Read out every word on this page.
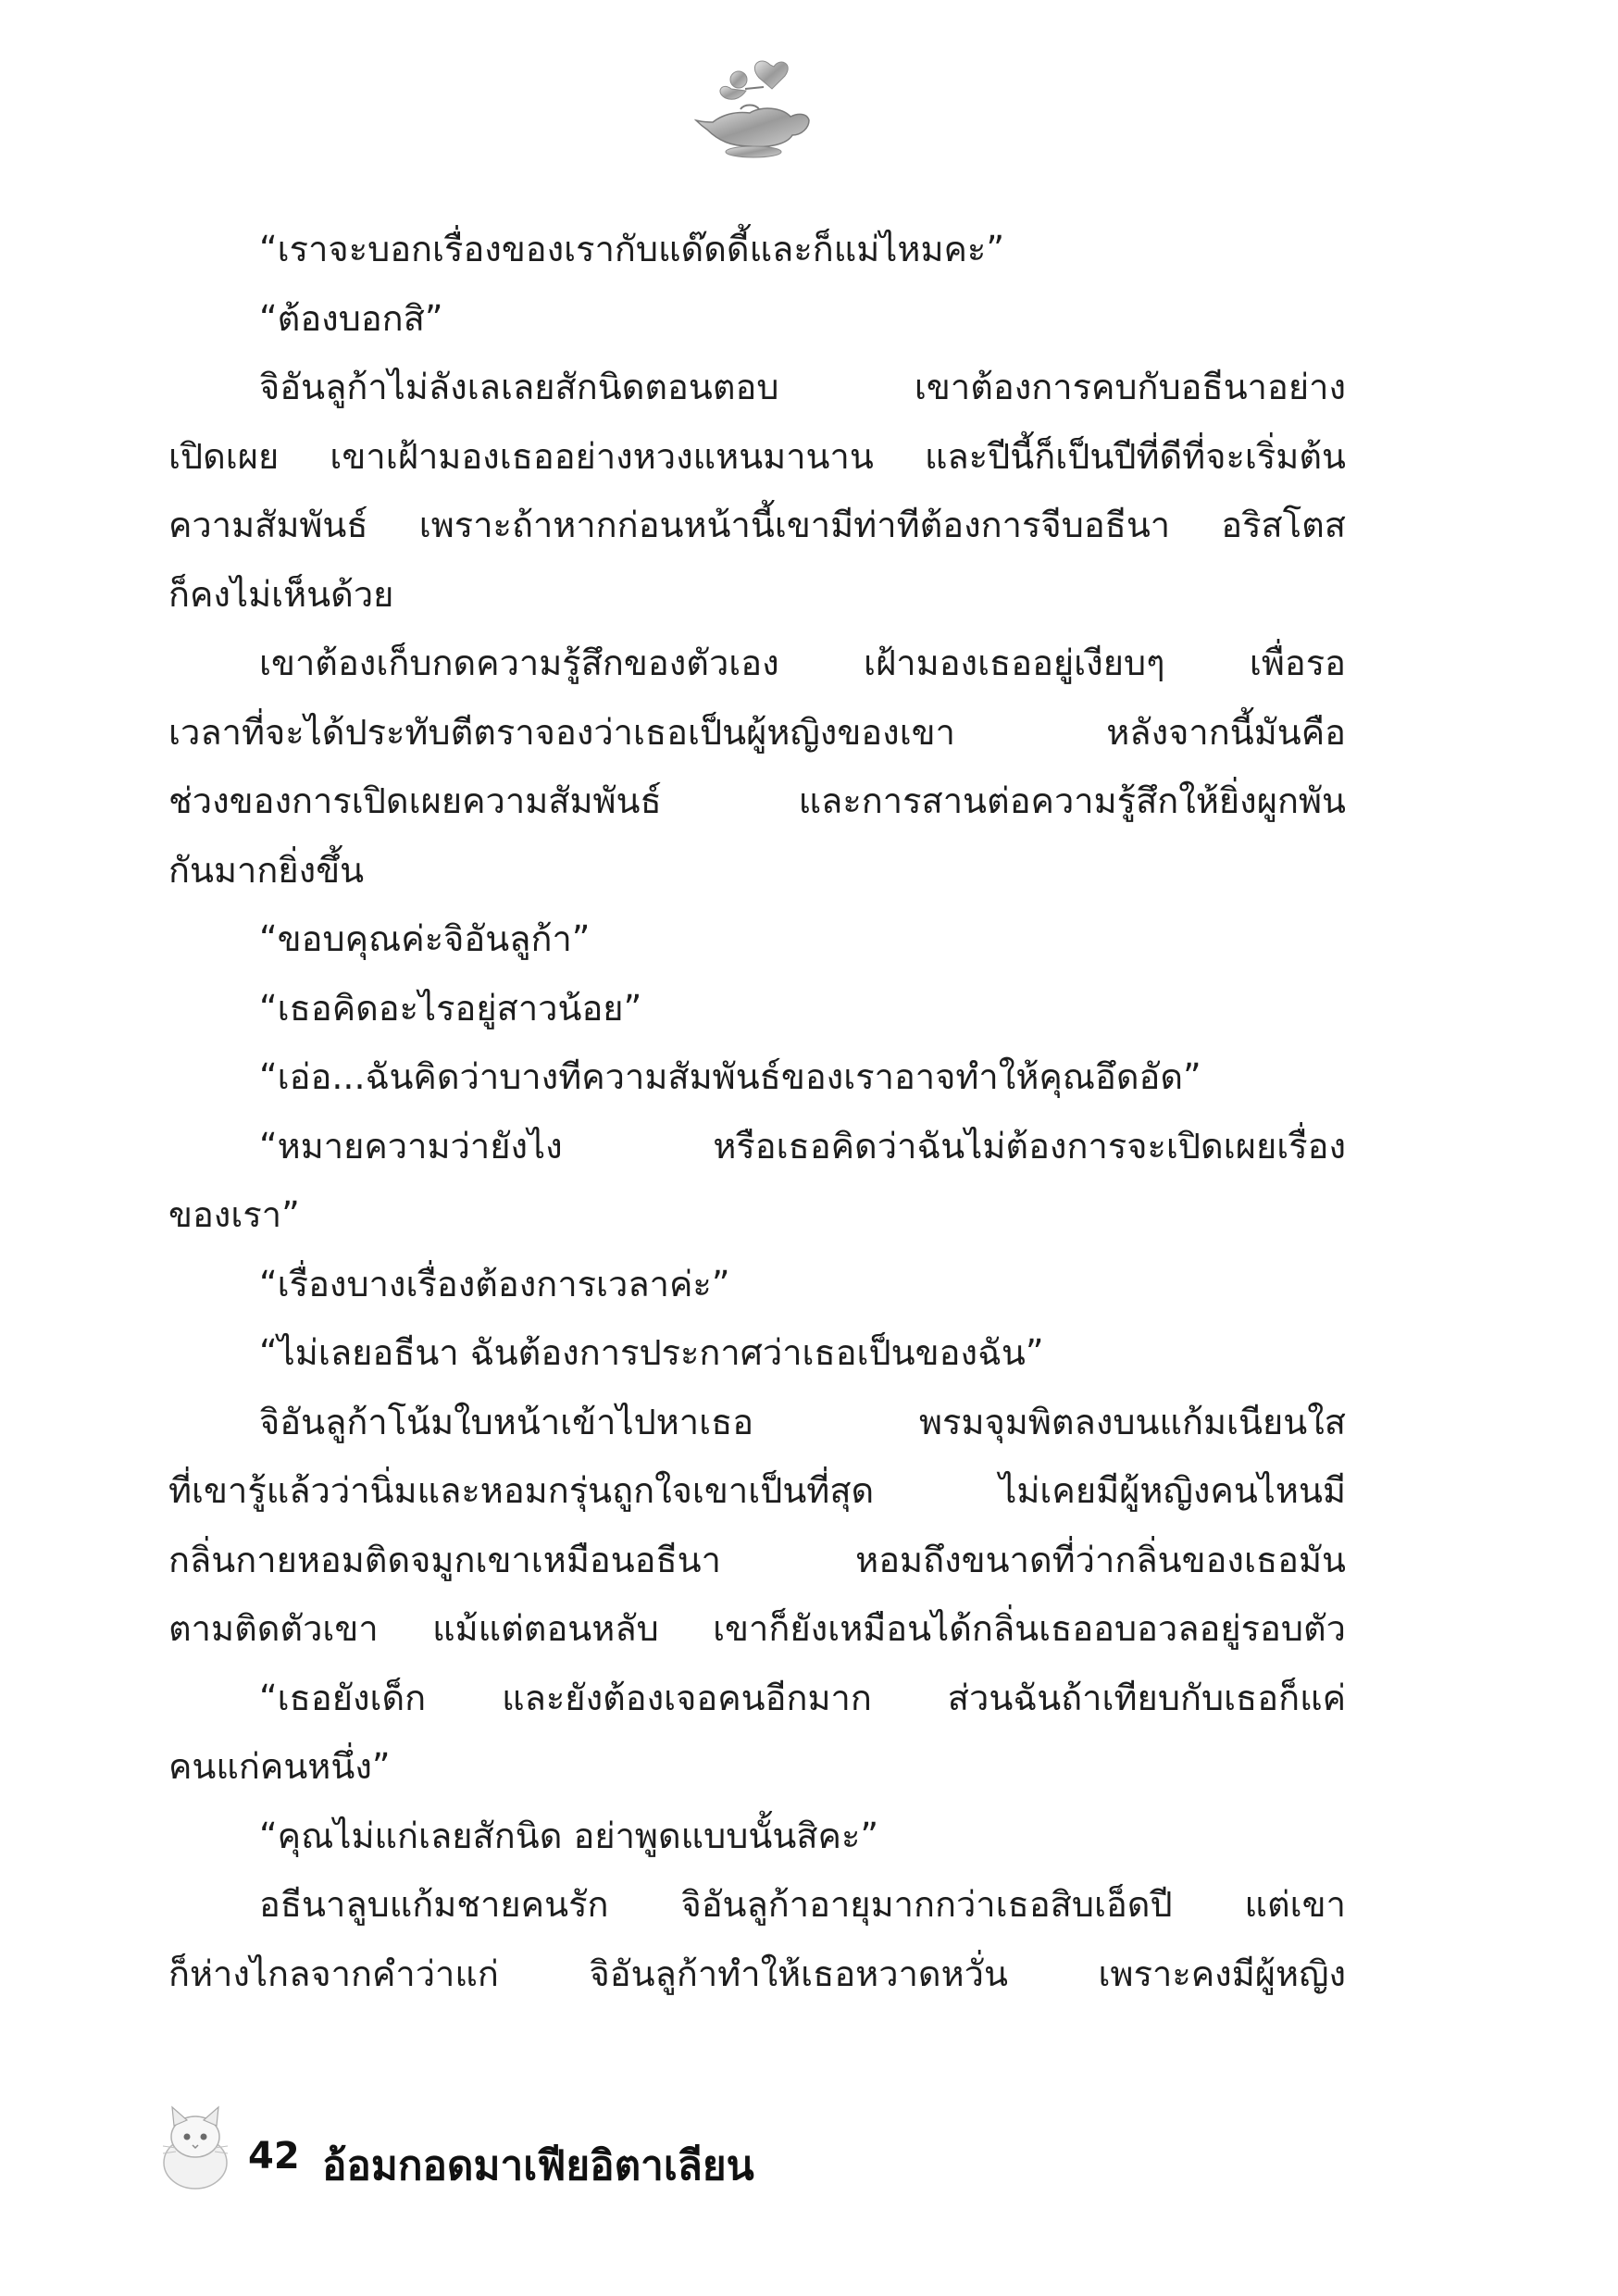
“เราจะบอกเรื่องของเรากับแด๊ดดี้และก็แม่ไหมคะ”
“ต้องบอกสิ”
จิอันลูก้าไม่ลังเลเลยสักนิดตอนตอบ เขาต้องการคบกับอธีนาอย่าง
เปิดเผย เขาเฝ้ามองเธออย่างหวงแหนมานาน และปีนี้ก็เป็นปีที่ดีที่จะเริ่มต้น
ความสัมพันธ์ เพราะถ้าหากก่อนหน้านี้เขามีท่าทีต้องการจีบอธีนา อริสโตส
ก็คงไม่เห็นด้วย
เขาต้องเก็บกดความรู้สึกของตัวเอง เฝ้ามองเธออยู่เงียบๆ เพื่อรอ
เวลาที่จะได้ประทับตีตราจองว่าเธอเป็นผู้หญิงของเขา หลังจากนี้มันคือ
ช่วงของการเปิดเผยความสัมพันธ์ และการสานต่อความรู้สึกให้ยิ่งผูกพัน
กันมากยิ่งขึ้น
“ขอบคุณค่ะจิอันลูก้า”
“เธอคิดอะไรอยู่สาวน้อย”
“เอ่อ...ฉันคิดว่าบางทีความสัมพันธ์ของเราอาจทำให้คุณอึดอัด”
“หมายความว่ายังไง หรือเธอคิดว่าฉันไม่ต้องการจะเปิดเผยเรื่อง
ของเรา”
“เรื่องบางเรื่องต้องการเวลาค่ะ”
“ไม่เลยอธีนา ฉันต้องการประกาศว่าเธอเป็นของฉัน”
จิอันลูก้าโน้มใบหน้าเข้าไปหาเธอ พรมจุมพิตลงบนแก้มเนียนใส
ที่เขารู้แล้วว่านิ่มและหอมกรุ่นถูกใจเขาเป็นที่สุด ไม่เคยมีผู้หญิงคนไหนมี
กลิ่นกายหอมติดจมูกเขาเหมือนอธีนา หอมถึงขนาดที่ว่ากลิ่นของเธอมัน
ตามติดตัวเขา แม้แต่ตอนหลับ เขาก็ยังเหมือนได้กลิ่นเธออบอวลอยู่รอบตัว
“เธอยังเด็ก และยังต้องเจอคนอีกมาก ส่วนฉันถ้าเทียบกับเธอก็แค่
คนแก่คนหนึ่ง”
“คุณไม่แก่เลยสักนิด อย่าพูดแบบนั้นสิคะ”
อธีนาลูบแก้มชายคนรัก จิอันลูก้าอายุมากกว่าเธอสิบเอ็ดปี แต่เขา
ก็ห่างไกลจากคำว่าแก่ จิอันลูก้าทำให้เธอหวาดหวั่น เพราะคงมีผู้หญิง
42 อ้อมกอดมาเฟียอิตาเลียน
